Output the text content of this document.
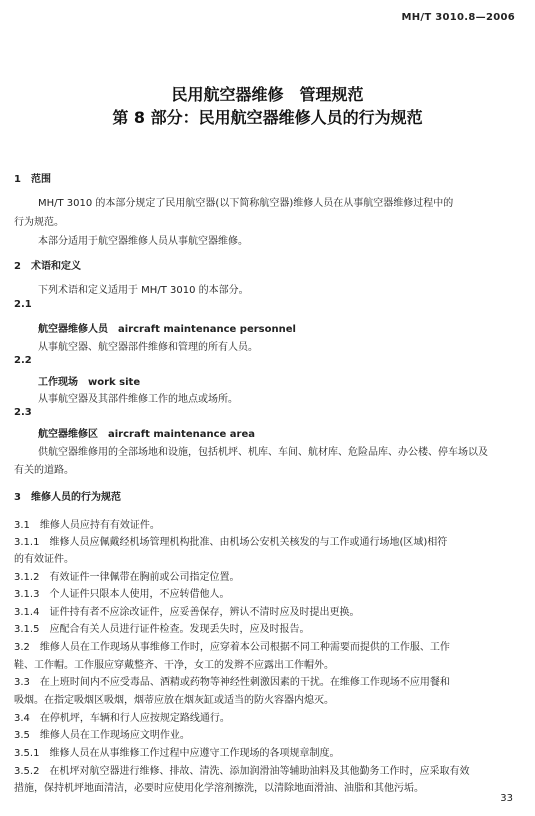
MH/T 3010.8—2006
民用航空器维修　管理规范
第 8 部分：民用航空器维修人员的行为规范
1　范围
MH/T 3010 的本部分规定了民用航空器(以下简称航空器)维修人员在从事航空器维修过程中的
行为规范。
本部分适用于航空器维修人员从事航空器维修。
2　术语和定义
下列术语和定义适用于 MH/T 3010 的本部分。
2.1
航空器维修人员　aircraft maintenance personnel
从事航空器、航空器部件维修和管理的所有人员。
2.2
工作现场　work site
从事航空器及其部件维修工作的地点或场所。
2.3
航空器维修区　aircraft maintenance area
供航空器维修用的全部场地和设施，包括机坪、机库、车间、航材库、危险品库、办公楼、停车场以及
有关的道路。
3　维修人员的行为规范
3.1　维修人员应持有有效证件。
3.1.1　维修人员应佩戴经机场管理机构批准、由机场公安机关核发的与工作或通行场地(区域)相符
的有效证件。
3.1.2　有效证件一律佩带在胸前或公司指定位置。
3.1.3　个人证件只限本人使用，不应转借他人。
3.1.4　证件持有者不应涂改证件，应妥善保存，辨认不清时应及时提出更换。
3.1.5　应配合有关人员进行证件检查。发现丢失时，应及时报告。
3.2　维修人员在工作现场从事维修工作时，应穿着本公司根据不同工种需要而提供的工作服、工作
鞋、工作帽。工作服应穿戴整齐、干净，女工的发辫不应露出工作帽外。
3.3　在上班时间内不应受毒品、酒精或药物等神经性刺激因素的干扰。在维修工作现场不应用餐和
吸烟。在指定吸烟区吸烟，烟蒂应放在烟灰缸或适当的防火容器内熄灭。
3.4　在停机坪，车辆和行人应按规定路线通行。
3.5　维修人员在工作现场应文明作业。
3.5.1　维修人员在从事维修工作过程中应遵守工作现场的各项规章制度。
3.5.2　在机坪对航空器进行维修、排故、清洗、添加润滑油等辅助油料及其他勤务工作时，应采取有效
措施，保持机坪地面清洁，必要时应使用化学溶剂擦洗，以清除地面滑油、油脂和其他污垢。
33
